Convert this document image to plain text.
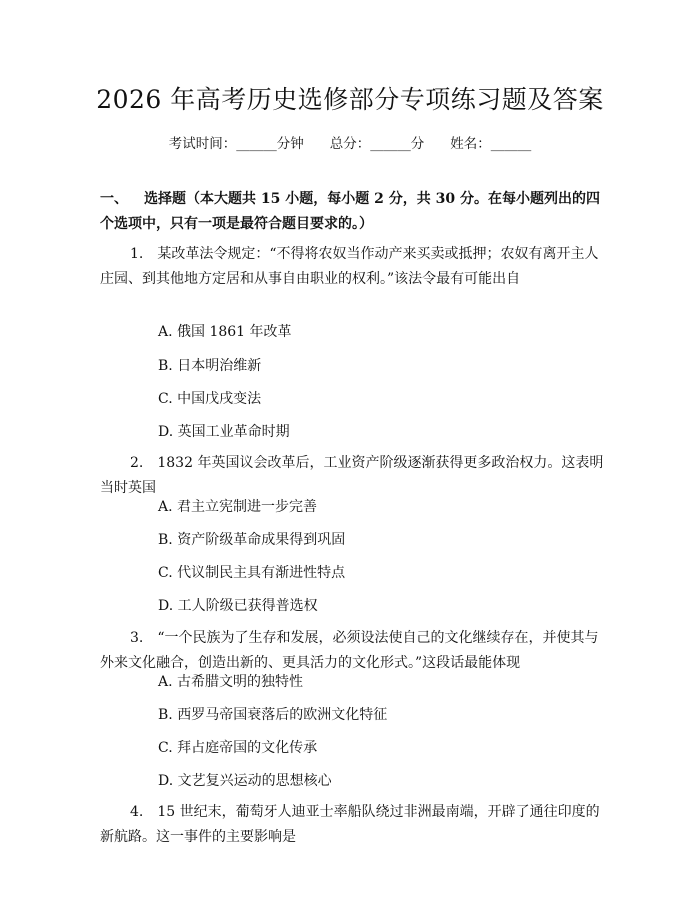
2026 年高考历史选修部分专项练习题及答案
考试时间：______分钟 总分：______分 姓名：______
一、 选择题（本大题共 15 小题，每小题 2 分，共 30 分。在每小题列出的四个选项中，只有一项是最符合题目要求的。）
1. 某改革法令规定：“不得将农奴当作动产来买卖或抵押；农奴有离开主人庄园、到其他地方定居和从事自由职业的权利。”该法令最有可能出自
A. 俄国 1861 年改革
B. 日本明治维新
C. 中国戊戌变法
D. 英国工业革命时期
2. 1832 年英国议会改革后，工业资产阶级逐渐获得更多政治权力。这表明当时英国
A. 君主立宪制进一步完善
B. 资产阶级革命成果得到巩固
C. 代议制民主具有渐进性特点
D. 工人阶级已获得普选权
3. “一个民族为了生存和发展，必须设法使自己的文化继续存在，并使其与外来文化融合，创造出新的、更具活力的文化形式。”这段话最能体现
A. 古希腊文明的独特性
B. 西罗马帝国衰落后的欧洲文化特征
C. 拜占庭帝国的文化传承
D. 文艺复兴运动的思想核心
4. 15 世纪末，葡萄牙人迪亚士率船队绕过非洲最南端，开辟了通往印度的新航路。这一事件的主要影响是
